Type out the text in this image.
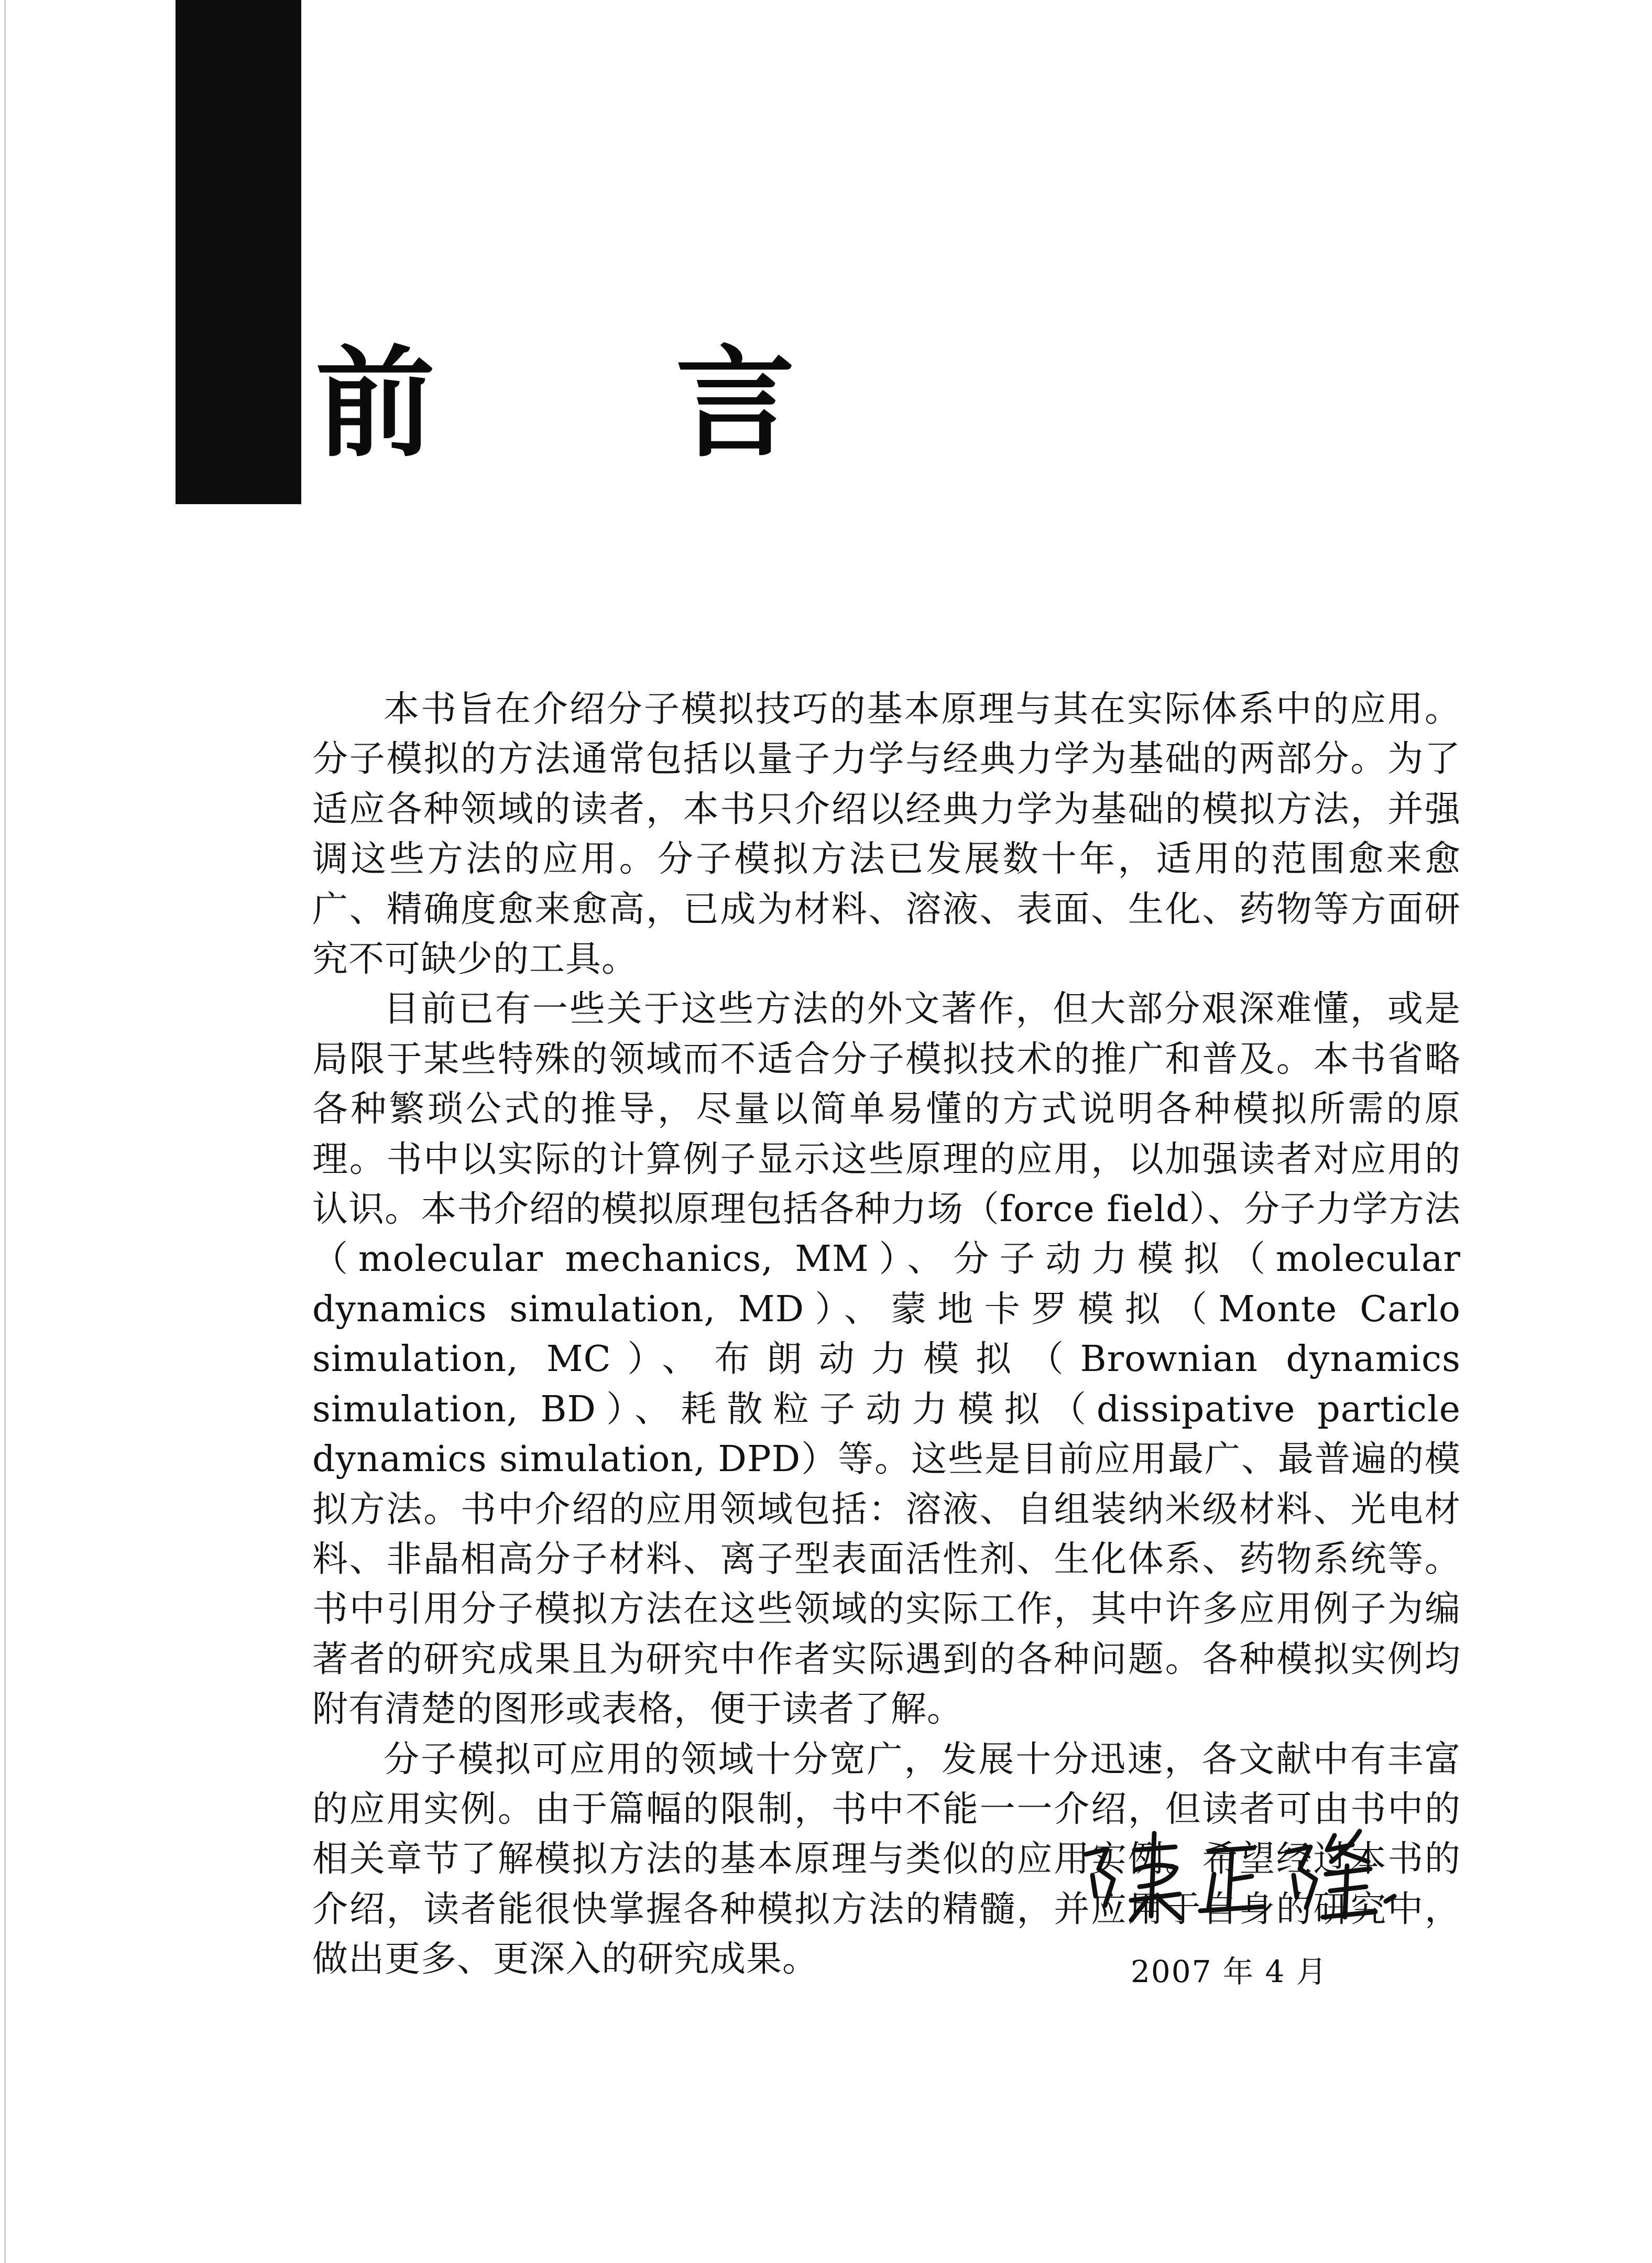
前 言

本书旨在介绍分子模拟技巧的基本原理与其在实际体系中的应用。分子模拟的方法通常包括以量子力学与经典力学为基础的两部分。为了适应各种领域的读者，本书只介绍以经典力学为基础的模拟方法，并强调这些方法的应用。分子模拟方法已发展数十年，适用的范围愈来愈广、精确度愈来愈高，已成为材料、溶液、表面、生化、药物等方面研究不可缺少的工具。

目前已有一些关于这些方法的外文著作，但大部分艰深难懂，或是局限于某些特殊的领域而不适合分子模拟技术的推广和普及。本书省略各种繁琐公式的推导，尽量以简单易懂的方式说明各种模拟所需的原理。书中以实际的计算例子显示这些原理的应用，以加强读者对应用的认识。本书介绍的模拟原理包括各种力场（force field）、分子力学方法（molecular mechanics, MM）、分子动力模拟（molecular dynamics simulation, MD）、蒙地卡罗模拟（Monte Carlo simulation, MC）、布朗动力模拟（Brownian dynamics simulation, BD）、耗散粒子动力模拟（dissipative particle dynamics simulation, DPD）等。这些是目前应用最广、最普遍的模拟方法。书中介绍的应用领域包括：溶液、自组装纳米级材料、光电材料、非晶相高分子材料、离子型表面活性剂、生化体系、药物系统等。书中引用分子模拟方法在这些领域的实际工作，其中许多应用例子为编著者的研究成果且为研究中作者实际遇到的各种问题。各种模拟实例均附有清楚的图形或表格，便于读者了解。

分子模拟可应用的领域十分宽广，发展十分迅速，各文献中有丰富的应用实例。由于篇幅的限制，书中不能一一介绍，但读者可由书中的相关章节了解模拟方法的基本原理与类似的应用实例。希望经过本书的介绍，读者能很快掌握各种模拟方法的精髓，并应用于自身的研究中，做出更多、更深入的研究成果。	2007 年 4 月
